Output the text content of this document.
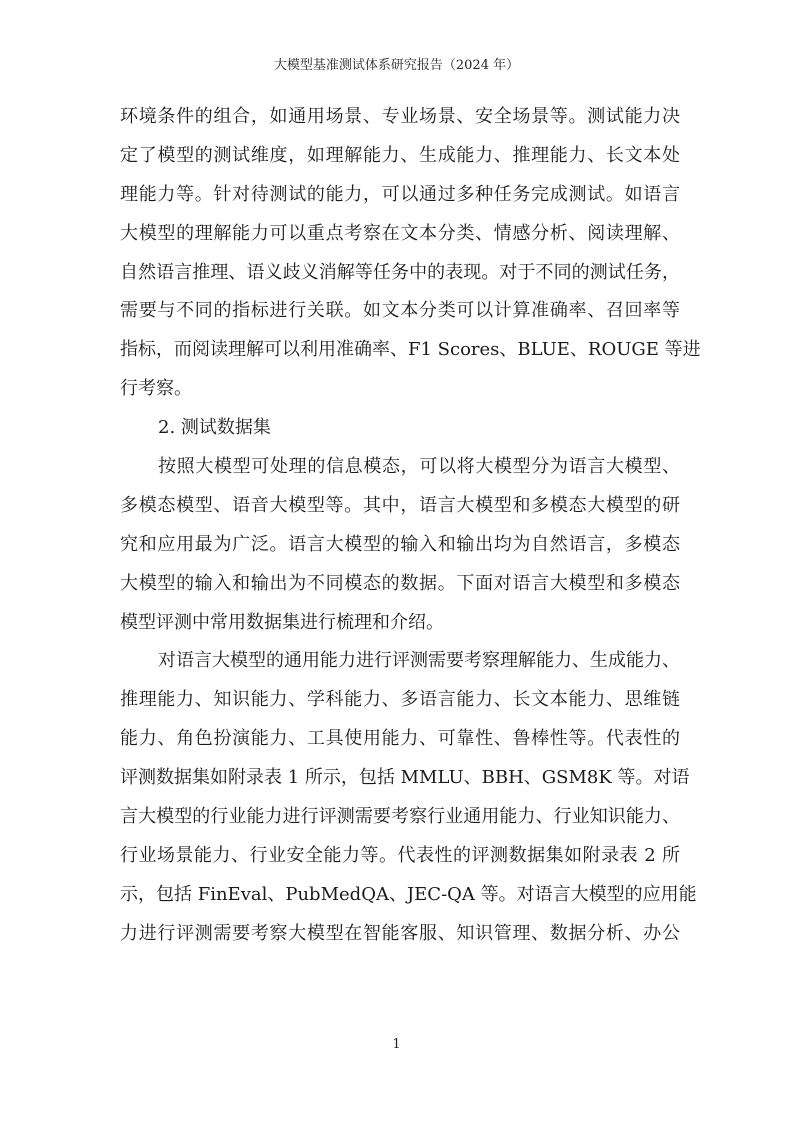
大模型基准测试体系研究报告（2024 年）
环境条件的组合，如通用场景、专业场景、安全场景等。测试能力决
定了模型的测试维度，如理解能力、生成能力、推理能力、长文本处
理能力等。针对待测试的能力，可以通过多种任务完成测试。如语言
大模型的理解能力可以重点考察在文本分类、情感分析、阅读理解、
自然语言推理、语义歧义消解等任务中的表现。对于不同的测试任务，
需要与不同的指标进行关联。如文本分类可以计算准确率、召回率等
指标，而阅读理解可以利用准确率、F1 Scores、BLUE、ROUGE 等进
行考察。
2. 测试数据集
按照大模型可处理的信息模态，可以将大模型分为语言大模型、
多模态模型、语音大模型等。其中，语言大模型和多模态大模型的研
究和应用最为广泛。语言大模型的输入和输出均为自然语言，多模态
大模型的输入和输出为不同模态的数据。下面对语言大模型和多模态
模型评测中常用数据集进行梳理和介绍。
对语言大模型的通用能力进行评测需要考察理解能力、生成能力、
推理能力、知识能力、学科能力、多语言能力、长文本能力、思维链
能力、角色扮演能力、工具使用能力、可靠性、鲁棒性等。代表性的
评测数据集如附录表 1 所示，包括 MMLU、BBH、GSM8K 等。对语
言大模型的行业能力进行评测需要考察行业通用能力、行业知识能力、
行业场景能力、行业安全能力等。代表性的评测数据集如附录表 2 所
示，包括 FinEval、PubMedQA、JEC-QA 等。对语言大模型的应用能
力进行评测需要考察大模型在智能客服、知识管理、数据分析、办公
1
